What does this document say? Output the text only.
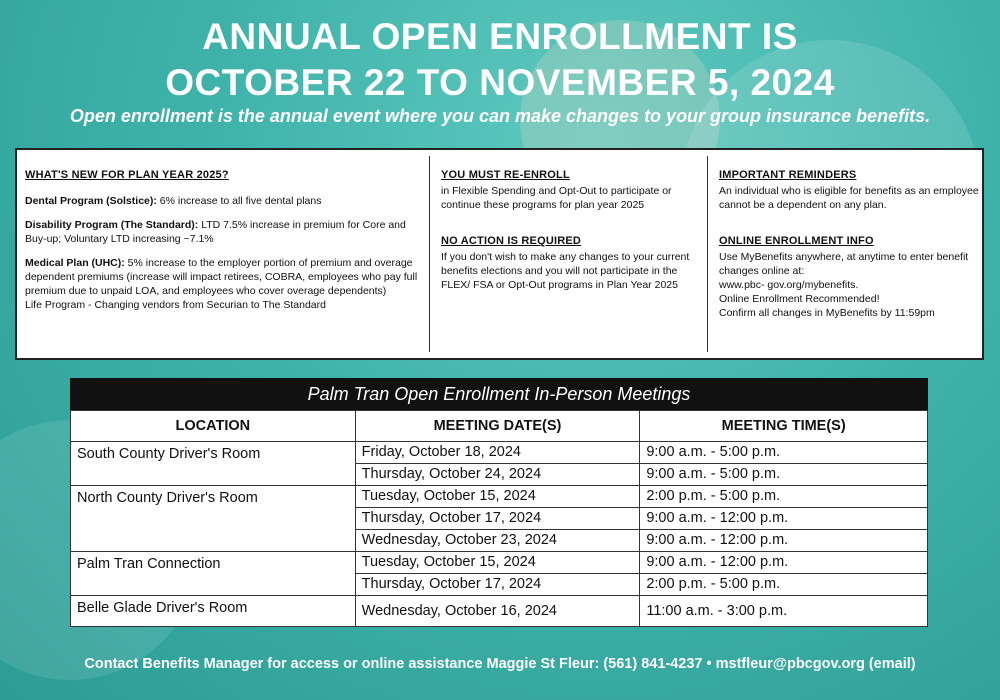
ANNUAL OPEN ENROLLMENT IS
OCTOBER 22 TO NOVEMBER 5, 2024
Open enrollment is the annual event where you can make changes to your group insurance benefits.
WHAT'S NEW FOR PLAN YEAR 2025?

Dental Program (Solstice): 6% increase to all five dental plans

Disability Program (The Standard): LTD 7.5% increase in premium for Core and Buy-up; Voluntary LTD increasing ~7.1%

Medical Plan (UHC): 5% increase to the employer portion of premium and overage dependent premiums (increase will impact retirees, COBRA, employees who pay full premium due to unpaid LOA, and employees who cover overage dependents)

Life Program - Changing vendors from Securian to The Standard

YOU MUST RE-ENROLL

in Flexible Spending and Opt-Out to participate or continue these programs for plan year 2025

NO ACTION IS REQUIRED

If you don't wish to make any changes to your current benefits elections and you will not participate in the FLEX/ FSA or Opt-Out programs in Plan Year 2025

IMPORTANT REMINDERS

An individual who is eligible for benefits as an employee cannot be a dependent on any plan.

ONLINE ENROLLMENT INFO
Use MyBenefits anywhere, at anytime to enter benefit changes online at:
www.pbc- gov.org/mybenefits.
Online Enrollment Recommended!
Confirm all changes in MyBenefits by 11:59pm
Palm Tran Open Enrollment In-Person Meetings
LOCATION	MEETING DATE(S)	MEETING TIME(S)
South County Driver's Room	Friday, October 18, 2024	9:00 a.m. - 5:00 p.m.
	Thursday, October 24, 2024	9:00 a.m. - 5:00 p.m.
North County Driver's Room	Tuesday, October 15, 2024	2:00 p.m. - 5:00 p.m.
	Thursday, October 17, 2024	9:00 a.m. - 12:00 p.m.
	Wednesday, October 23, 2024	9:00 a.m. - 12:00 p.m.
Palm Tran Connection	Tuesday, October 15, 2024	9:00 a.m. - 12:00 p.m.
	Thursday, October 17, 2024	2:00 p.m. - 5:00 p.m.
Belle Glade Driver's Room	Wednesday, October 16, 2024	11:00 a.m. - 3:00 p.m.
Contact Benefits Manager for access or online assistance Maggie St Fleur: (561) 841-4237 • mstfleur@pbcgov.org (email)
